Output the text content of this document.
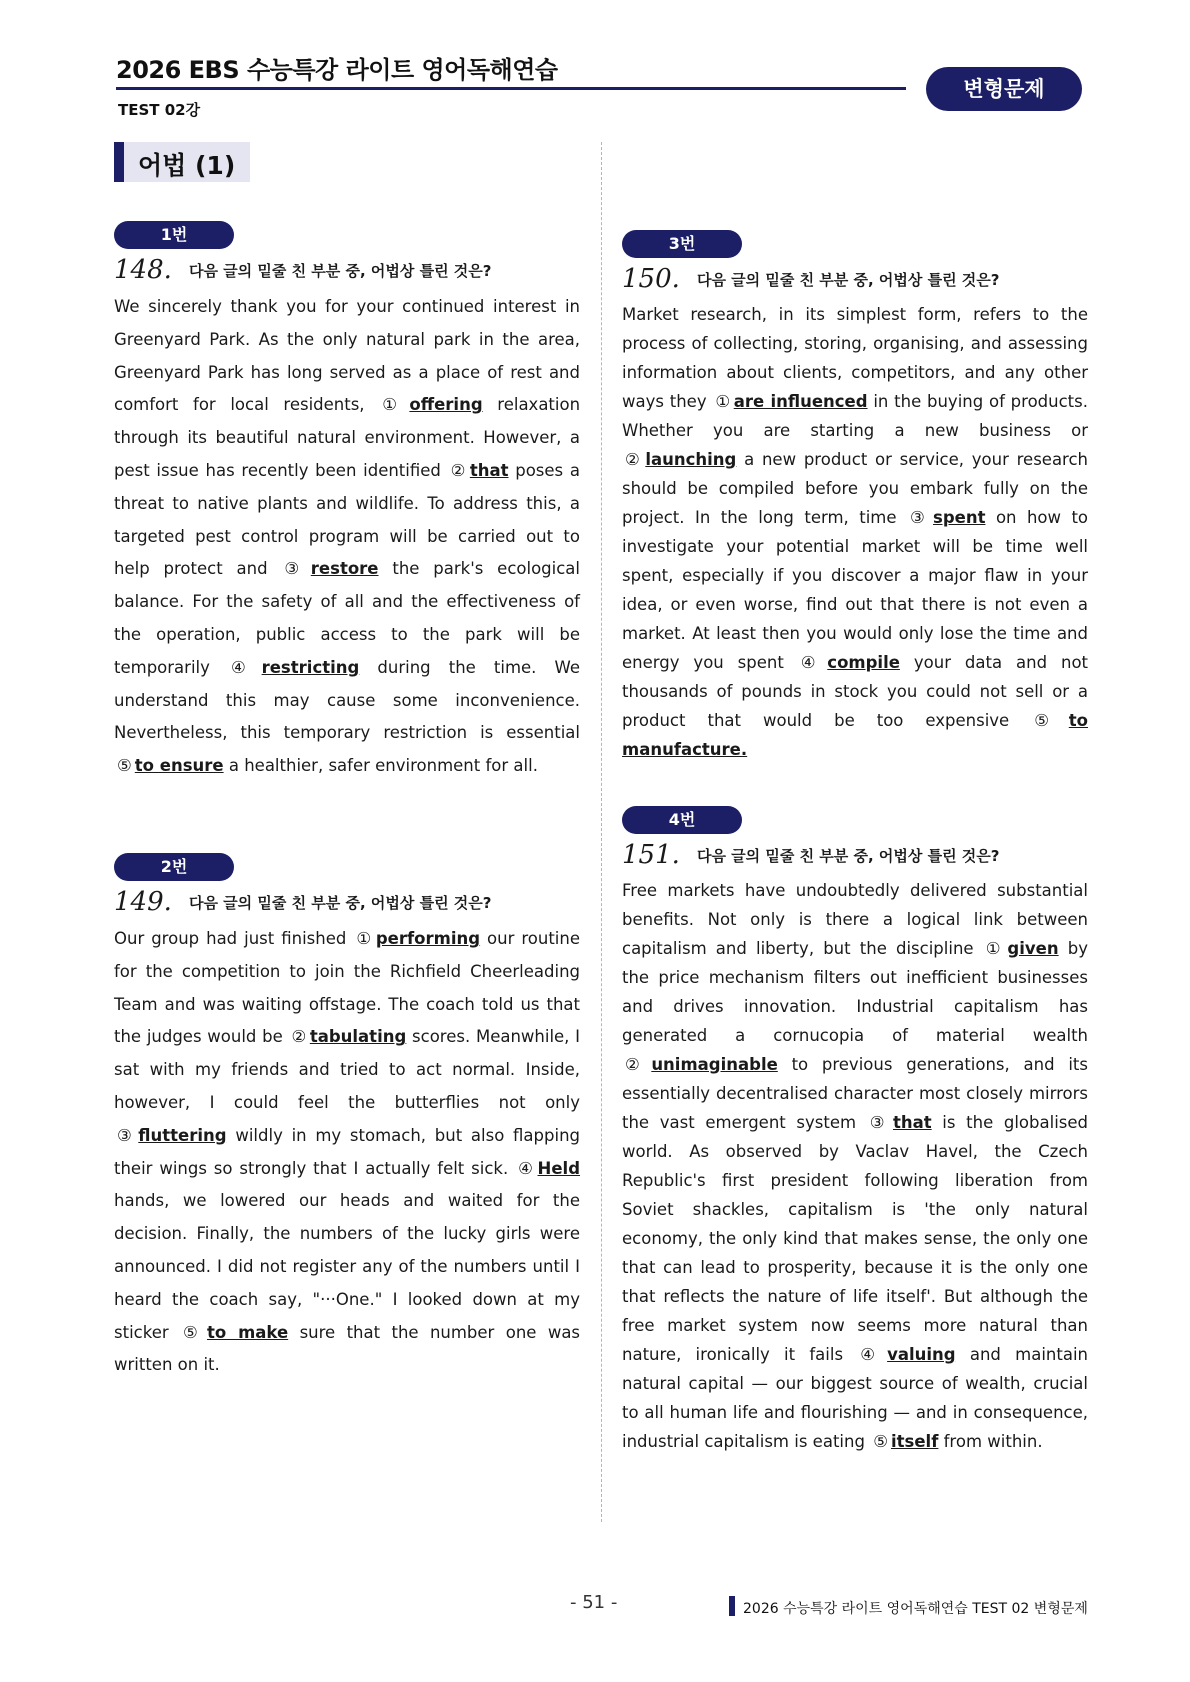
2026 EBS 수능특강 라이트 영어독해연습
TEST 02강
변형문제
어법 (1)
1번
148. 다음 글의 밑줄 친 부분 중, 어법상 틀린 것은?
We sincerely thank you for your continued interest in Greenyard Park. As the only natural park in the area, Greenyard Park has long served as a place of rest and comfort for local residents, ① offering relaxation through its beautiful natural environment. However, a pest issue has recently been identified ② that poses a threat to native plants and wildlife. To address this, a targeted pest control program will be carried out to help protect and ③ restore the park's ecological balance. For the safety of all and the effectiveness of the operation, public access to the park will be temporarily ④ restricting during the time. We understand this may cause some inconvenience. Nevertheless, this temporary restriction is essential ⑤ to ensure a healthier, safer environment for all.
2번
149. 다음 글의 밑줄 친 부분 중, 어법상 틀린 것은?
Our group had just finished ① performing our routine for the competition to join the Richfield Cheerleading Team and was waiting offstage. The coach told us that the judges would be ② tabulating scores. Meanwhile, I sat with my friends and tried to act normal. Inside, however, I could feel the butterflies not only ③ fluttering wildly in my stomach, but also flapping their wings so strongly that I actually felt sick. ④ Held hands, we lowered our heads and waited for the decision. Finally, the numbers of the lucky girls were announced. I did not register any of the numbers until I heard the coach say, "···One." I looked down at my sticker ⑤ to make sure that the number one was written on it.
3번
150. 다음 글의 밑줄 친 부분 중, 어법상 틀린 것은?
Market research, in its simplest form, refers to the process of collecting, storing, organising, and assessing information about clients, competitors, and any other ways they ① are influenced in the buying of products. Whether you are starting a new business or ② launching a new product or service, your research should be compiled before you embark fully on the project. In the long term, time ③ spent on how to investigate your potential market will be time well spent, especially if you discover a major flaw in your idea, or even worse, find out that there is not even a market. At least then you would only lose the time and energy you spent ④ compile your data and not thousands of pounds in stock you could not sell or a product that would be too expensive ⑤ to manufacture.
4번
151. 다음 글의 밑줄 친 부분 중, 어법상 틀린 것은?
Free markets have undoubtedly delivered substantial benefits. Not only is there a logical link between capitalism and liberty, but the discipline ① given by the price mechanism filters out inefficient businesses and drives innovation. Industrial capitalism has generated a cornucopia of material wealth ② unimaginable to previous generations, and its essentially decentralised character most closely mirrors the vast emergent system ③ that is the globalised world. As observed by Vaclav Havel, the Czech Republic's first president following liberation from Soviet shackles, capitalism is 'the only natural economy, the only kind that makes sense, the only one that can lead to prosperity, because it is the only one that reflects the nature of life itself'. But although the free market system now seems more natural than nature, ironically it fails ④ valuing and maintain natural capital — our biggest source of wealth, crucial to all human life and flourishing — and in consequence, industrial capitalism is eating ⑤ itself from within.
- 51 -	2026 수능특강 라이트 영어독해연습 TEST 02 변형문제
